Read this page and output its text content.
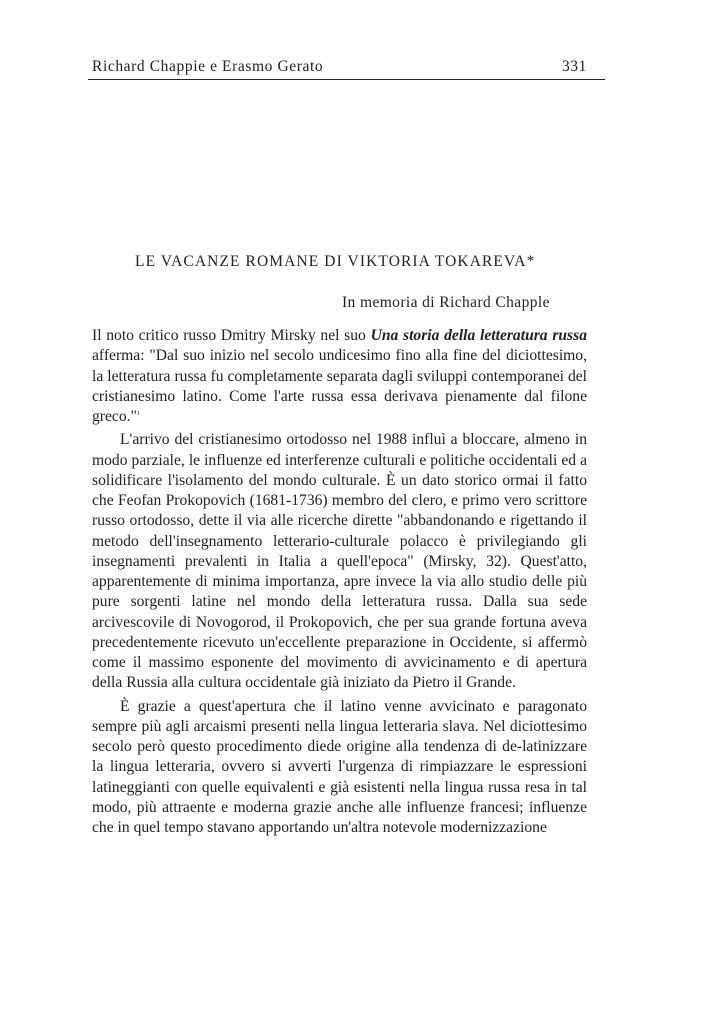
Richard Chappie e Erasmo Gerato	331
LE VACANZE ROMANE DI VIKTORIA TOKAREVA*
In memoria di Richard Chapple

Il noto critico russo Dmitry Mirsky nel suo Una storia della letteratura russa afferma: "Dal suo inizio nel secolo undicesimo fino alla fine del diciottesimo, la letteratura russa fu completamente separata dagli sviluppi contemporanei del cristianesimo latino. Come l'arte russa essa derivava pienamente dal filone greco."$^1$

L'arrivo del cristianesimo ortodosso nel 1988 influì a bloccare, almeno in modo parziale, le influenze ed interferenze culturali e politiche occidentali ed a solidificare l'isolamento del mondo culturale. È un dato storico ormai il fatto che Feofan Prokopovich (1681-1736) membro del clero, e primo vero scrittore russo ortodosso, dette il via alle ricerche dirette "abbandonando e rigettando il metodo dell'insegnamento letterario-culturale polacco è privilegiando gli insegnamenti prevalenti in Italia a quell'epoca" (Mirsky, 32). Quest'atto, apparentemente di minima importanza, apre invece la via allo studio delle più pure sorgenti latine nel mondo della letteratura russa. Dalla sua sede arcivescovile di Novogorod, il Prokopovich, che per sua grande fortuna aveva precedentemente ricevuto un'eccellente preparazione in Occidente, si affermò come il massimo esponente del movimento di avvicinamento e di apertura della Russia alla cultura occidentale già iniziato da Pietro il Grande.

È grazie a quest'apertura che il latino venne avvicinato e paragonato sempre più agli arcaismi presenti nella lingua letteraria slava. Nel diciottesimo secolo però questo procedimento diede origine alla tendenza di de-latinizzare la lingua letteraria, ovvero si avverti l'urgenza di rimpiazzare le espressioni latineggianti con quelle equivalenti e già esistenti nella lingua russa resa in tal modo, più attraente e moderna grazie anche alle influenze francesi; influenze che in quel tempo stavano apportando un'altra notevole modernizzazione
